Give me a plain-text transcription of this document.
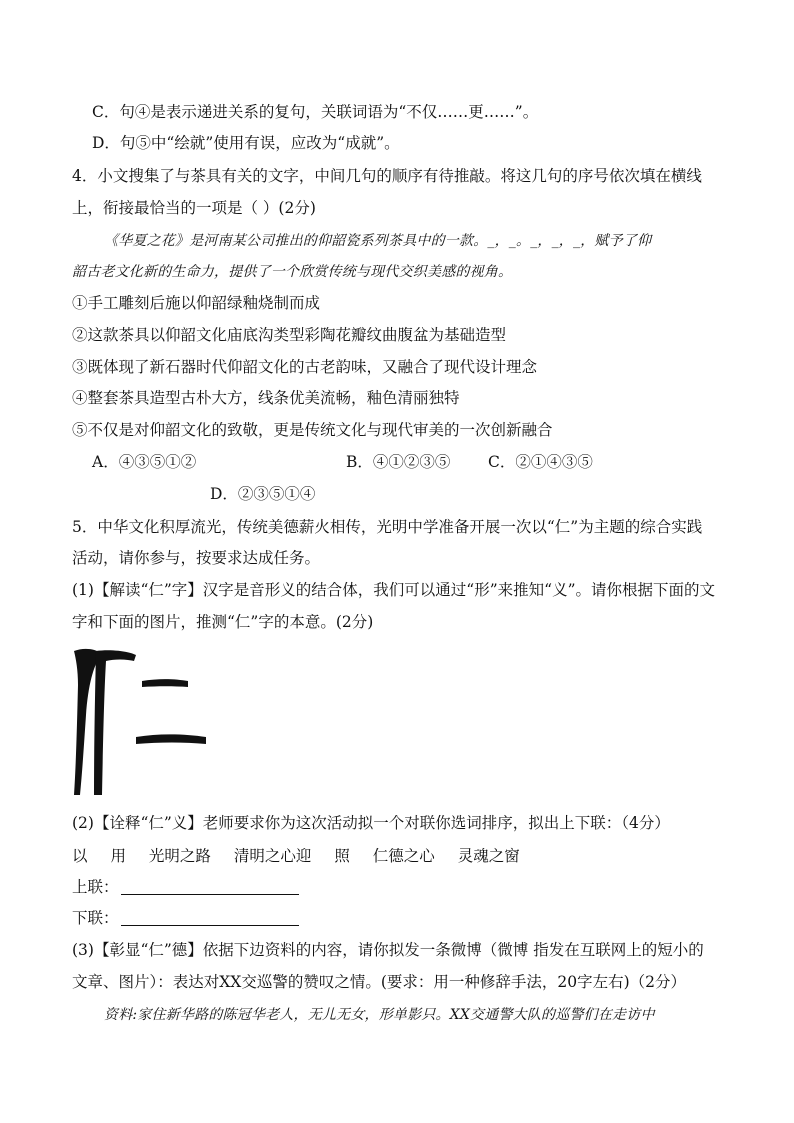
C．句④是表示递进关系的复句，关联词语为“不仅……更……”。
D．句⑤中“绘就”使用有误，应改为“成就”。
4．小文搜集了与茶具有关的文字，中间几句的顺序有待推敲。将这几句的序号依次填在横线
上，衔接最恰当的一项是（ ）(2分)
《华夏之花》是河南某公司推出的仰韶瓷系列茶具中的一款。_，_。_，_，_，赋予了仰
韶古老文化新的生命力，提供了一个欣赏传统与现代交织美感的视角。
①手工雕刻后施以仰韶绿釉烧制而成
②这款茶具以仰韶文化庙底沟类型彩陶花瓣纹曲腹盆为基础造型
③既体现了新石器时代仰韶文化的古老韵味，又融合了现代设计理念
④整套茶具造型古朴大方，线条优美流畅，釉色清丽独特
⑤不仅是对仰韶文化的致敬，更是传统文化与现代审美的一次创新融合
A．④③⑤①②	B．④①②③⑤ C．②①④③⑤
D．②③⑤①④
5．中华文化积厚流光，传统美德薪火相传，光明中学准备开展一次以“仁”为主题的综合实践
活动，请你参与，按要求达成任务。
(1)【解读“仁”字】汉字是音形义的结合体，我们可以通过“形”来推知“义”。请你根据下面的文
字和下面的图片，推测“仁”字的本意。(2分)
(2)【诠释“仁”义】老师要求你为这次活动拟一个对联你选词排序，拟出上下联：（4分）
以 用 光明之路 清明之心迎 照 仁德之心 灵魂之窗
上联：
下联：
(3)【彰显“仁”德】依据下边资料的内容，请你拟发一条微博（微博 指发在互联网上的短小的
文章、图片）：表达对XX交巡警的赞叹之情。(要求：用一种修辞手法，20字左右)（2分）
资料:家住新华路的陈冠华老人，无儿无女，形单影只。XX交通警大队的巡警们在走访中
